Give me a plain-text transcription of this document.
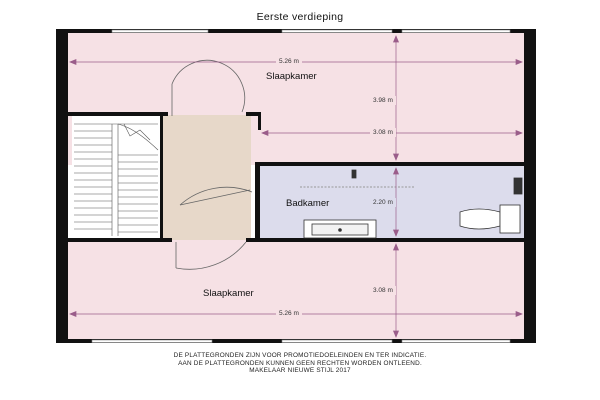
Eerste verdieping
Slaapkamer
Badkamer
Slaapkamer
5.26 m
3.98 m
3.08 m
2.20 m
3.08 m
5.26 m
DE PLATTEGRONDEN ZIJN VOOR PROMOTIEDOELEINDEN EN TER INDICATIE.
AAN DE PLATTEGRONDEN KUNNEN GEEN RECHTEN WORDEN ONTLEEND.
MAKELAAR NIEUWE STIJL 2017
